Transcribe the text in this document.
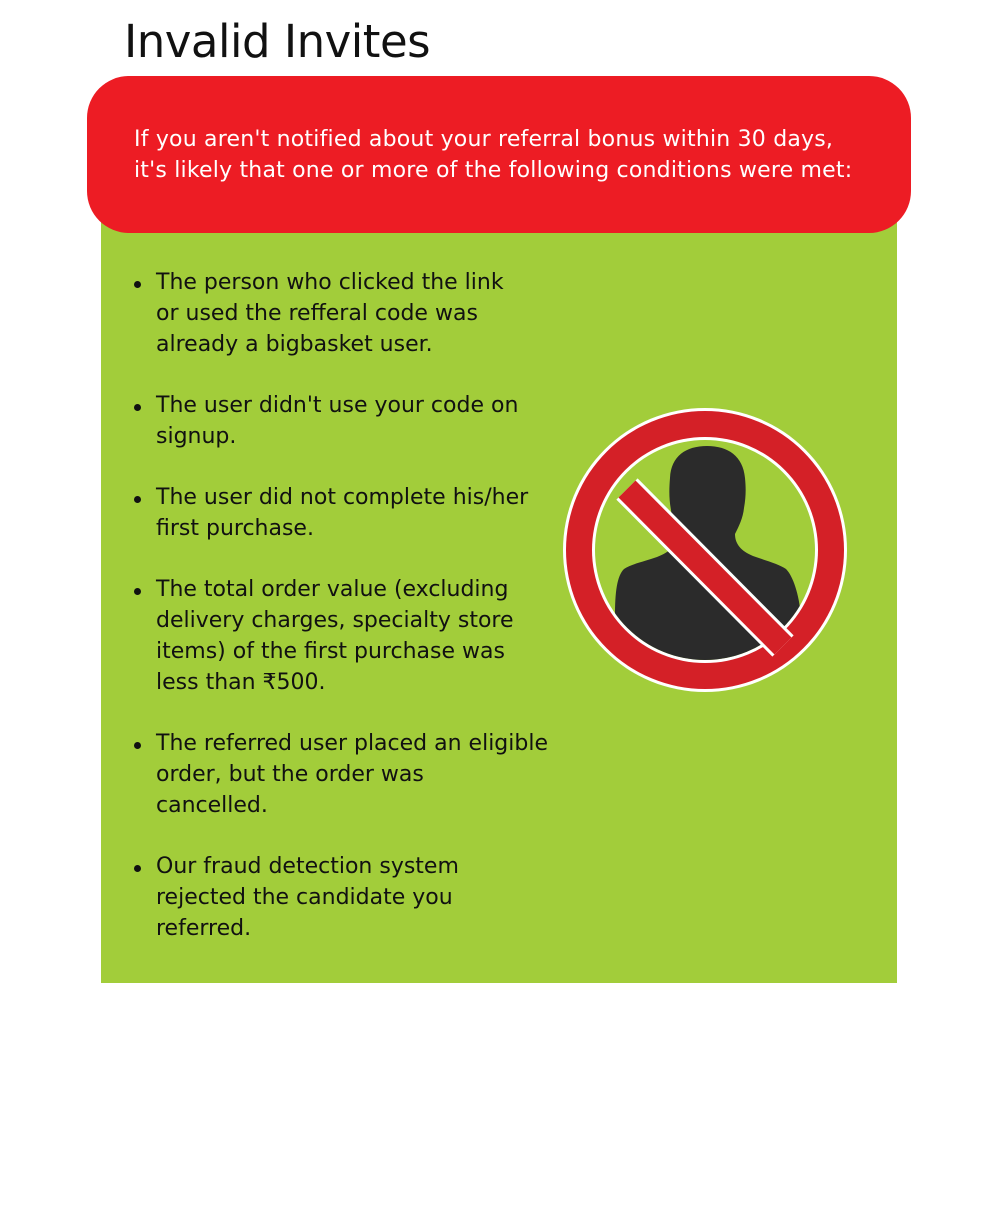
Invalid Invites

If you aren't notified about your referral bonus within 30 days,
it's likely that one or more of the following conditions were met:

The person who clicked the link
or used the refferal code was
already a bigbasket user.
The user didn't use your code on
signup.
The user did not complete his/her
first purchase.
The total order value (excluding
delivery charges, specialty store
items) of the first purchase was
less than ₹500.
The referred user placed an eligible
order, but the order was
cancelled.
Our fraud detection system
rejected the candidate you
referred.
